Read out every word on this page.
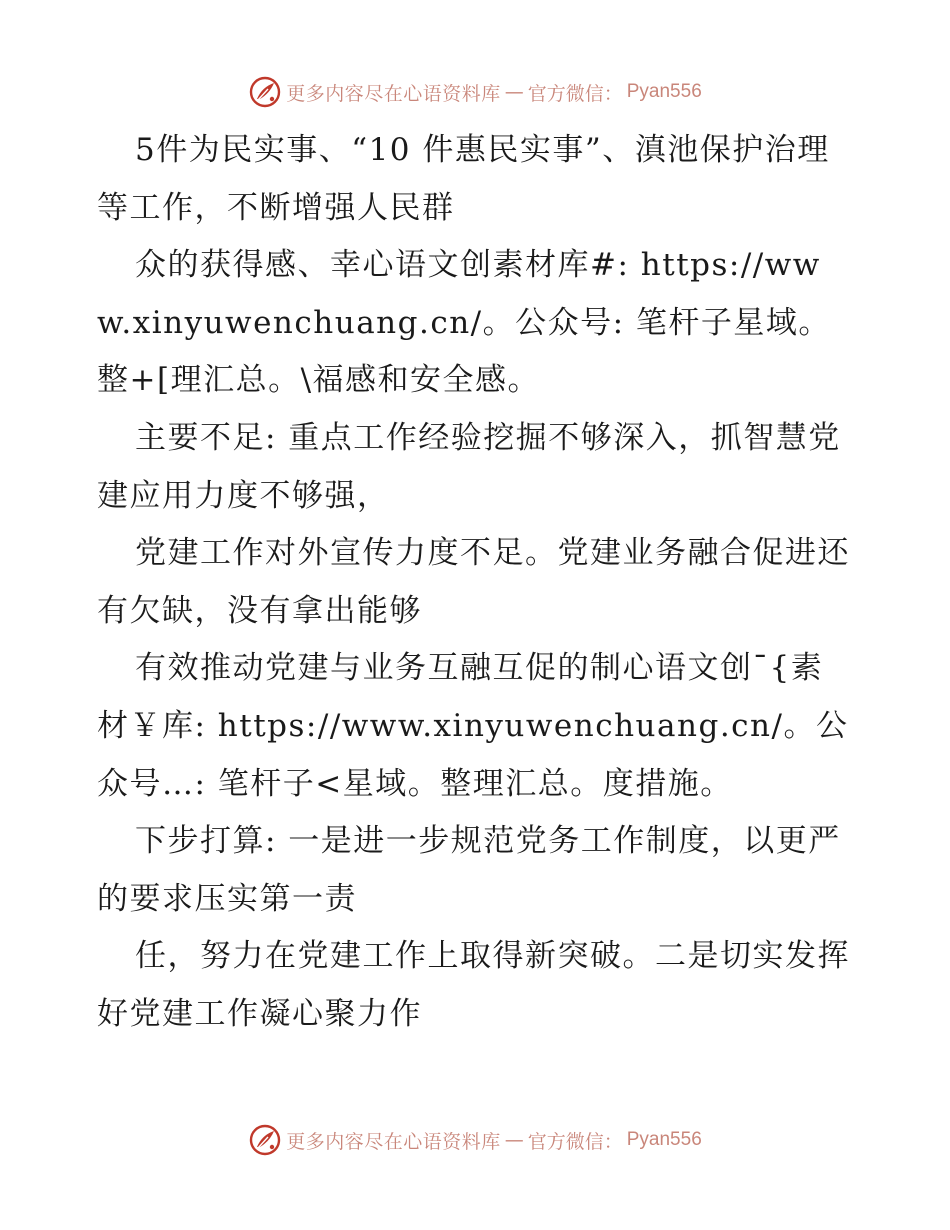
更多内容尽在心语资料库 — 官方微信： Pyan556

5件为民实事、“10 件惠民实事”、滇池保护治理等工作，不断增强人民群

众的获得感、幸心语文创素材库#: https://www.xinyuwenchuang.cn/。公众号: 笔杆子星域。整+[理汇总。\福感和安全感。

主要不足: 重点工作经验挖掘不够深入，抓智慧党建应用力度不够强，

党建工作对外宣传力度不足。党建业务融合促进还有欠缺，没有拿出能够

有效推动党建与业务互融互促的制心语文创¯{素材￥库: https://www.xinyuwenchuang.cn/。公众号…: 笔杆子<星域。整理汇总。度措施。

下步打算: 一是进一步规范党务工作制度，以更严的要求压实第一责

任，努力在党建工作上取得新突破。二是切实发挥好党建工作凝心聚力作

更多内容尽在心语资料库 — 官方微信： Pyan556
